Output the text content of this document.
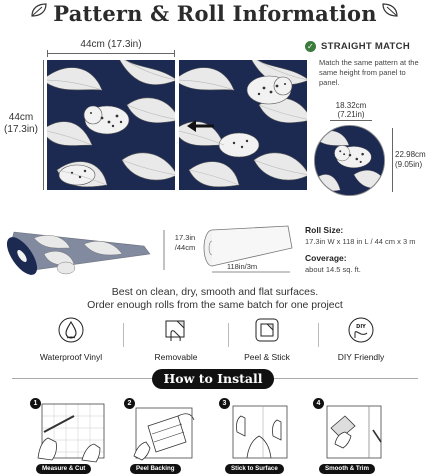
Pattern & Roll Information
44cm (17.3in)
44cm
(17.3in)
✓ STRAIGHT MATCH
Match the same pattern at the same height from panel to panel.
18.32cm
(7.21in)
22.98cm
(9.05in)
17.3in
/44cm
118in/3m
Roll Size:
17.3in W x 118 in L / 44 cm x 3 m
Coverage:
about 14.5 sq. ft.
Best on clean, dry, smooth and flat surfaces.
Order enough rolls from the same batch for one project
Waterproof Vinyl	Removable	Peel & Stick
DIY
DIY Friendly
How to Install
1
Measure & Cut
2
Peel Backing
3
Stick to Surface
4
Smooth & Trim
